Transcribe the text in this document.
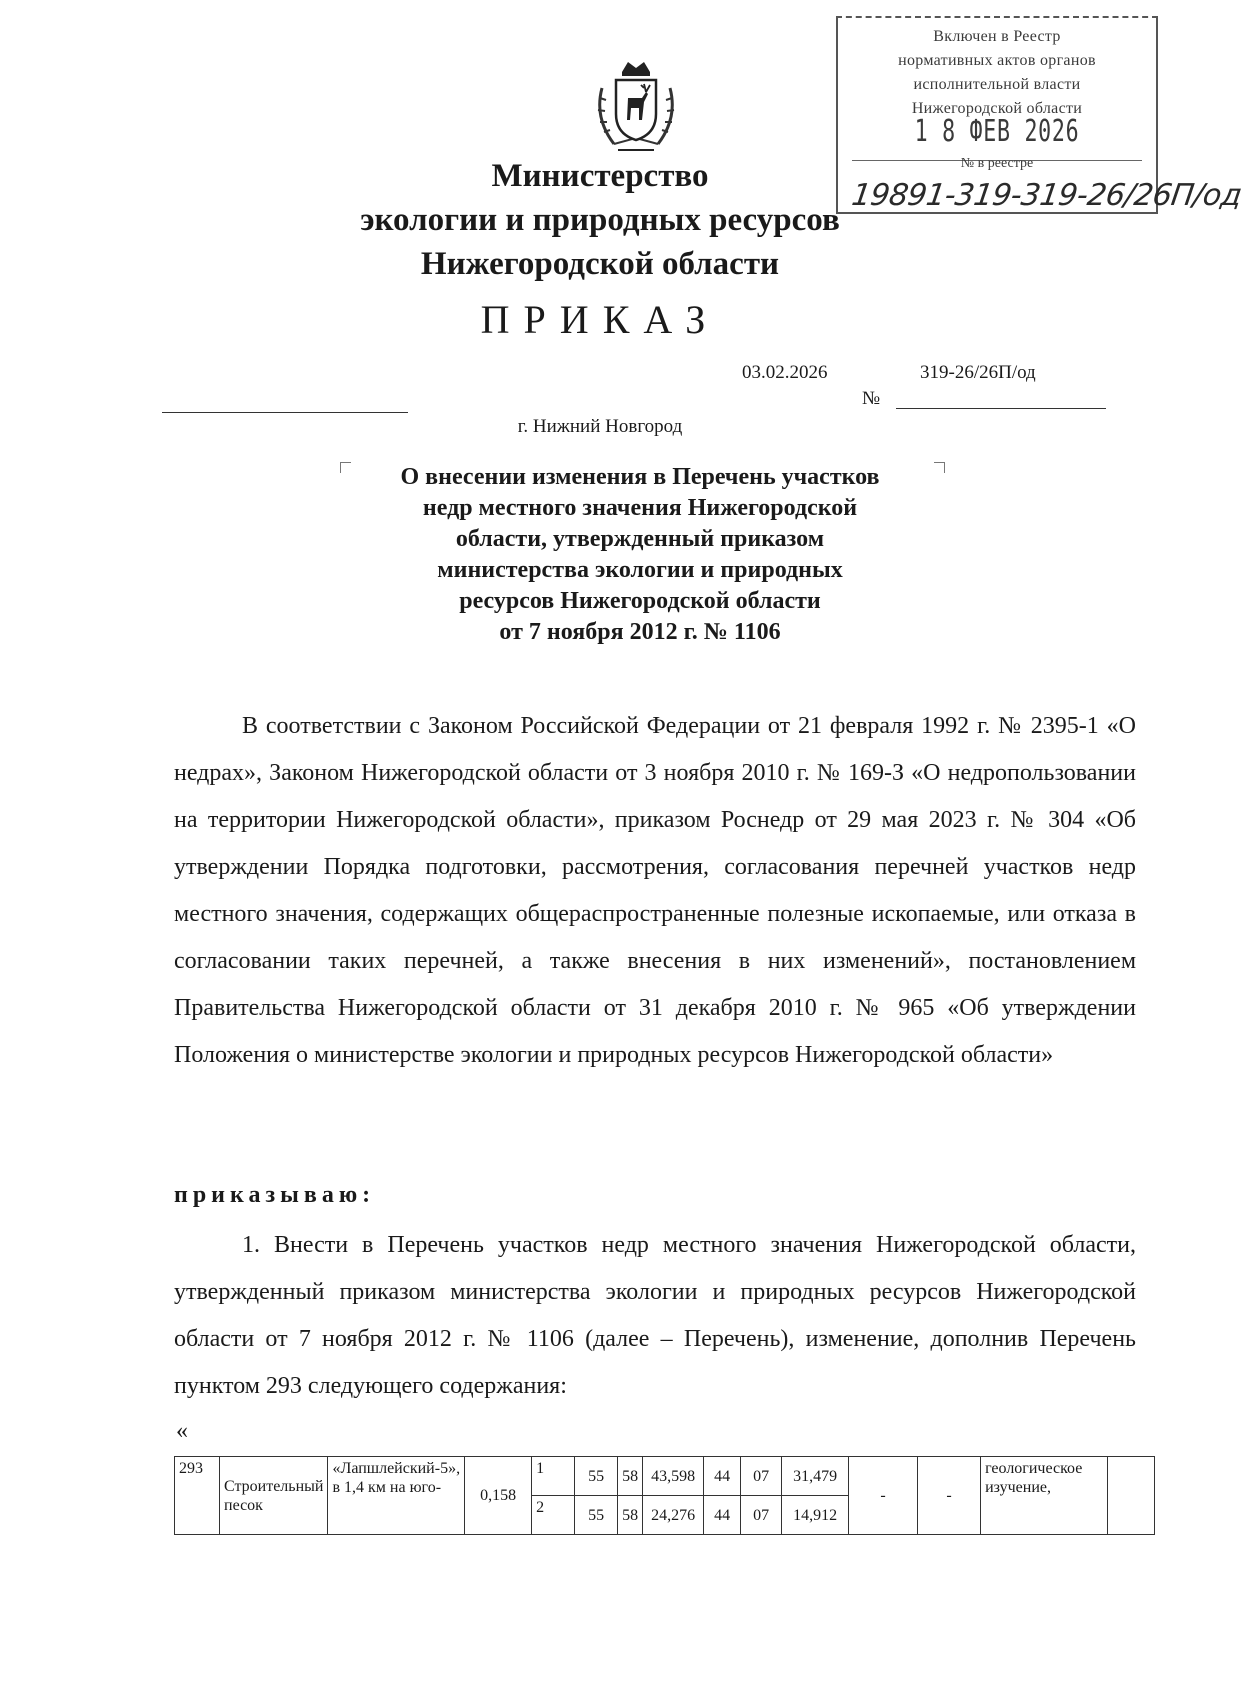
Включен в Реестр
нормативных актов органов
исполнительной власти
Нижегородской области
1 8 ФЕВ 2026
№ в реестре
19891-319-319-26/26П/од
Министерство
экологии и природных ресурсов
Нижегородской области
ПРИКАЗ
03.02.2026	319-26/26П/од
№
г. Нижний Новгород
О внесении изменения в Перечень участков
недр местного значения Нижегородской
области, утвержденный приказом
министерства экологии и природных
ресурсов Нижегородской области
от 7 ноября 2012 г. № 1106
В соответствии с Законом Российской Федерации от 21 февраля 1992 г. № 2395-1 «О недрах», Законом Нижегородской области от 3 ноября 2010 г. № 169-З «О недропользовании на территории Нижегородской области», приказом Роснедр от 29 мая 2023 г. № 304 «Об утверждении Порядка подготовки, рассмотрения, согласования перечней участков недр местного значения, содержащих общераспространенные полезные ископаемые, или отказа в согласовании таких перечней, а также внесения в них изменений», постановлением Правительства Нижегородской области от 31 декабря 2010 г. № 965 «Об утверждении Положения о министерстве экологии и природных ресурсов Нижегородской области»
приказываю:
1. Внести в Перечень участков недр местного значения Нижегородской области, утвержденный приказом министерства экологии и природных ресурсов Нижегородской области от 7 ноября 2012 г. № 1106 (далее – Перечень), изменение, дополнив Перечень пунктом 293 следующего содержания:
«
293	Строительный песок	«Лапшлейский-5», в 1,4 км на юго-	0,158	1	55	58	43,598	44	07	31,479	-	-	геологическое изучение,	
				2	55	58	24,276	44	07	14,912				
